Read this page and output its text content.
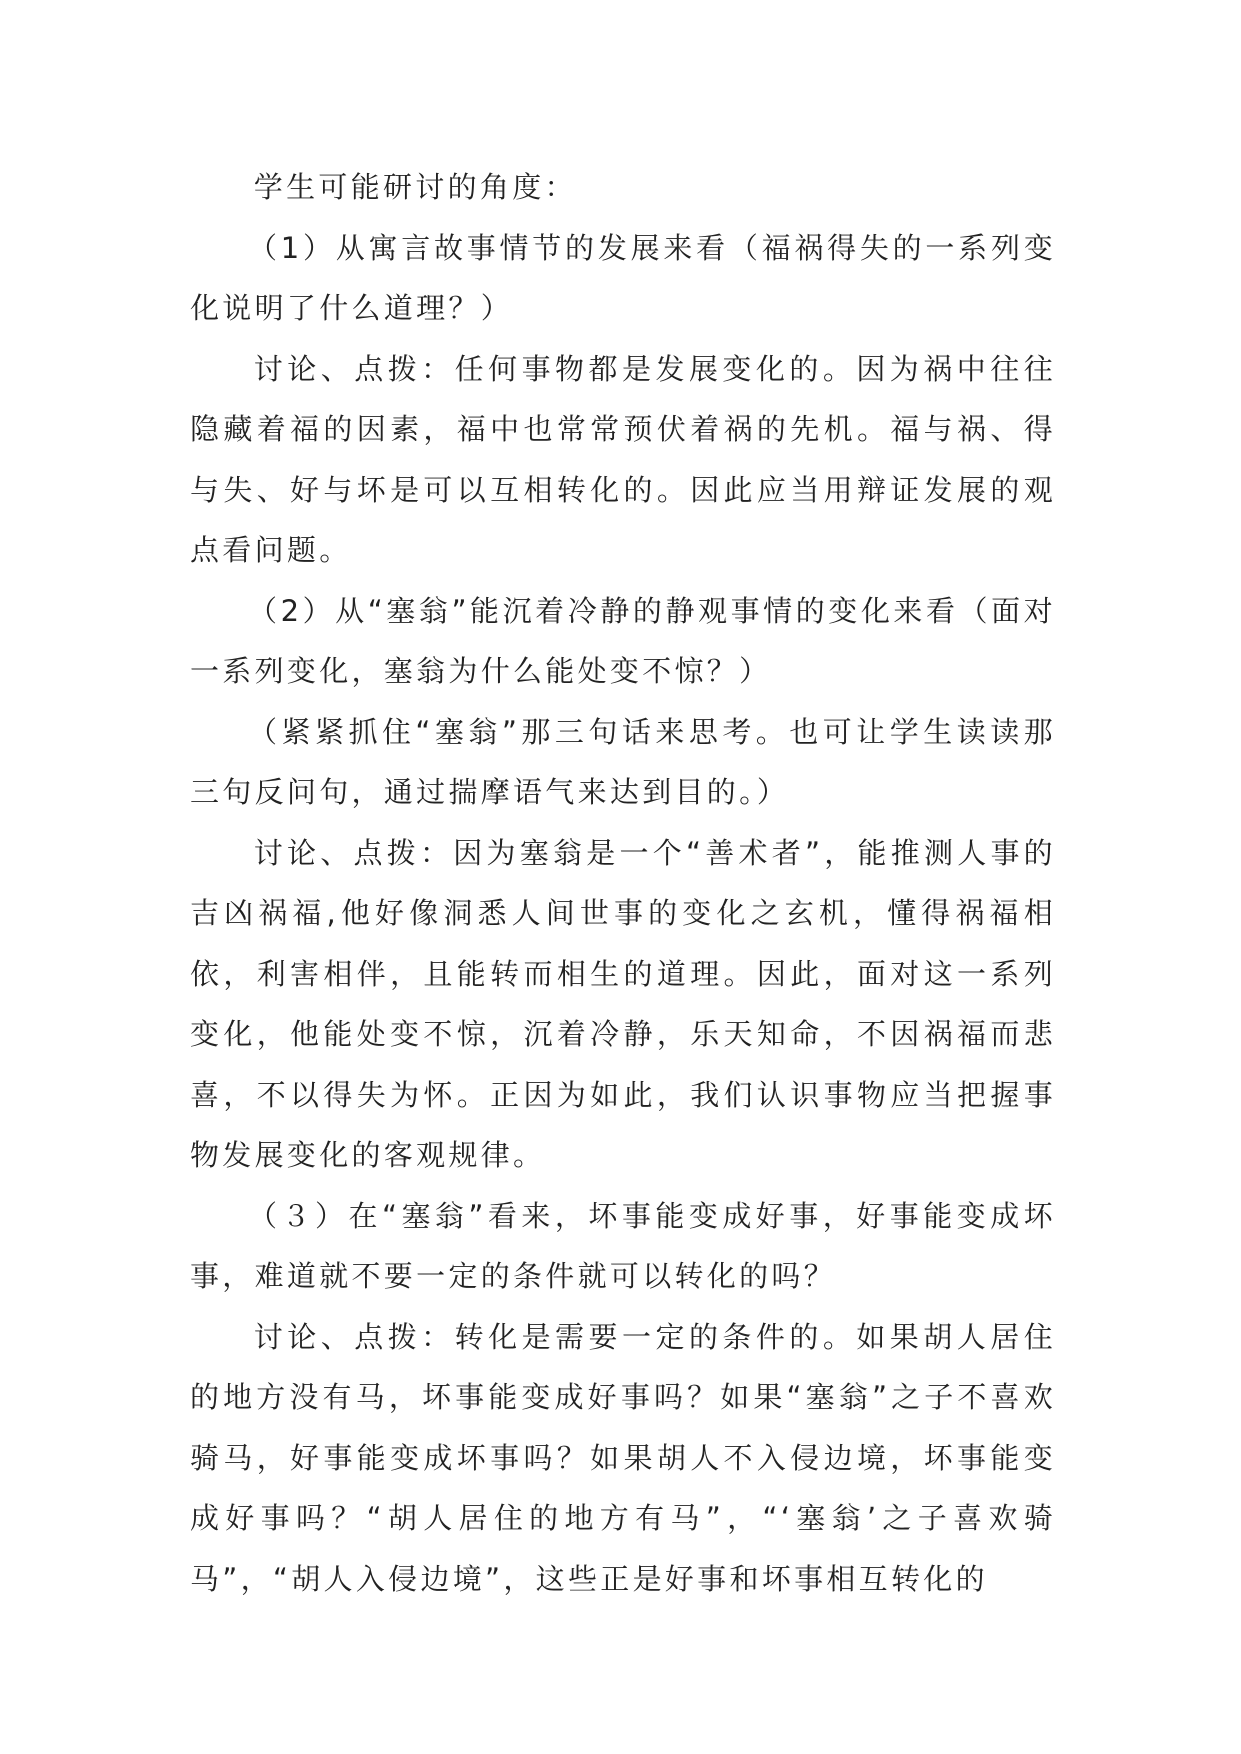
学生可能研讨的角度：

（1）从寓言故事情节的发展来看（福祸得失的一系列变化说明了什么道理？）

讨论、点拨：任何事物都是发展变化的。因为祸中往往隐藏着福的因素，福中也常常预伏着祸的先机。福与祸、得与失、好与坏是可以互相转化的。因此应当用辩证发展的观点看问题。

（2）从“塞翁”能沉着冷静的静观事情的变化来看（面对一系列变化，塞翁为什么能处变不惊？）

（紧紧抓住“塞翁”那三句话来思考。也可让学生读读那三句反问句，通过揣摩语气来达到目的。）

讨论、点拨：因为塞翁是一个“善术者”，能推测人事的吉凶祸福,他好像洞悉人间世事的变化之玄机，懂得祸福相依，利害相伴，且能转而相生的道理。因此，面对这一系列变化，他能处变不惊，沉着冷静，乐天知命，不因祸福而悲喜，不以得失为怀。正因为如此，我们认识事物应当把握事物发展变化的客观规律。

（３）在“塞翁”看来，坏事能变成好事，好事能变成坏事，难道就不要一定的条件就可以转化的吗？

讨论、点拨：转化是需要一定的条件的。如果胡人居住的地方没有马，坏事能变成好事吗？如果“塞翁”之子不喜欢骑马，好事能变成坏事吗？如果胡人不入侵边境，坏事能变成好事吗？“胡人居住的地方有马”，“‘塞翁’之子喜欢骑马”，“胡人入侵边境”，这些正是好事和坏事相互转化的
